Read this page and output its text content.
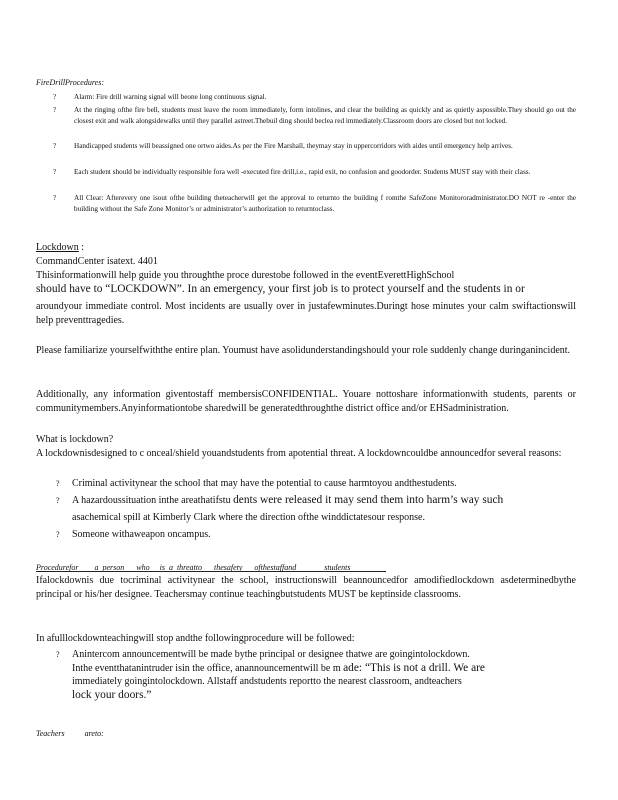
FireDrillProcedures:
? Alarm: Fire drill warning signal will beone long continuous signal.
? At the ringing ofthe fire bell, students must leave the room immediately, form intolines, and clear the building as quickly and as quietly aspossible.They should go out the closest exit and walk alongsidewalks until they parallel astreet.Thebuil ding should beclea red immediately.Classroom doors are closed but not locked.
? Handicapped students will beassigned one ortwo aides.As per the Fire Marshall, theymay stay in uppercorridors with aides until emergency help arrives.
? Each student should be individually responsible fora well -executed fire drill,i.e., rapid exit, no confusion and goodorder. Students MUST stay with their class.
? All Clear: Afterevery one isout ofthe building theteacherwill get the approval to returnto the building f romthe SafeZone Monitororadministrator.DO NOT re -enter the building without the Safe Zone Monitor’s or administrator’s authorization to returntoclass.
Lockdown :
CommandCenter isatext. 4401
Thisinformationwill help guide you throughthe proce durestobe followed in the eventEverettHighSchool
should have to “LOCKDOWN”. In an emergency, your first job is to protect yourself and the students in or
aroundyour immediate control. Most incidents are usually over in justafewminutes.Duringt hose minutes your calm swiftactionswill help preventtragedies.
Please familiarize yourselfwiththe entire plan. Youmust have asolidunderstandingshould your role suddenly change duringanincident.
Additionally, any information giventostaff membersisCONFIDENTIAL. Youare nottoshare informationwith students, parents or communitymembers.Anyinformationtobe sharedwill be generatedthroughthe district office and/or EHSadministration.
What is lockdown?
A lockdownisdesigned to c onceal/shield youandstudents from apotential threat. A lockdowncouldbe announcedfor several reasons:
? Criminal activitynear the school that may have the potential to cause harmtoyou andthestudents.
? A hazardoussituation inthe areathatifstu dents were released it may send them into harm’s way such
asachemical spill at Kimberly Clark where the direction ofthe winddictatesour response.
? Someone withaweapon oncampus.
Procedurefor        a  person      who     is  a  threatto      thesafety      ofthestaffand              students
Ifalockdownis due tocriminal activitynear the school, instructionswill beannouncedfor amodifiedlockdown asdeterminedbythe principal or his/her designee. Teachersmay continue teachingbutstudents MUST be keptinside classrooms.
In afulllockdownteachingwill stop andthe followingprocedure will be followed:
? Anintercom announcementwill be made bythe principal or designee thatwe are goingintolockdown.
Inthe eventthatanintruder isin the office, anannouncementwill be m ade: “This is not a drill. We are
immediately goingintolockdown. Allstaff andstudents reportto the nearest classroom, andteachers
lock your doors.”
Teachers          areto:
